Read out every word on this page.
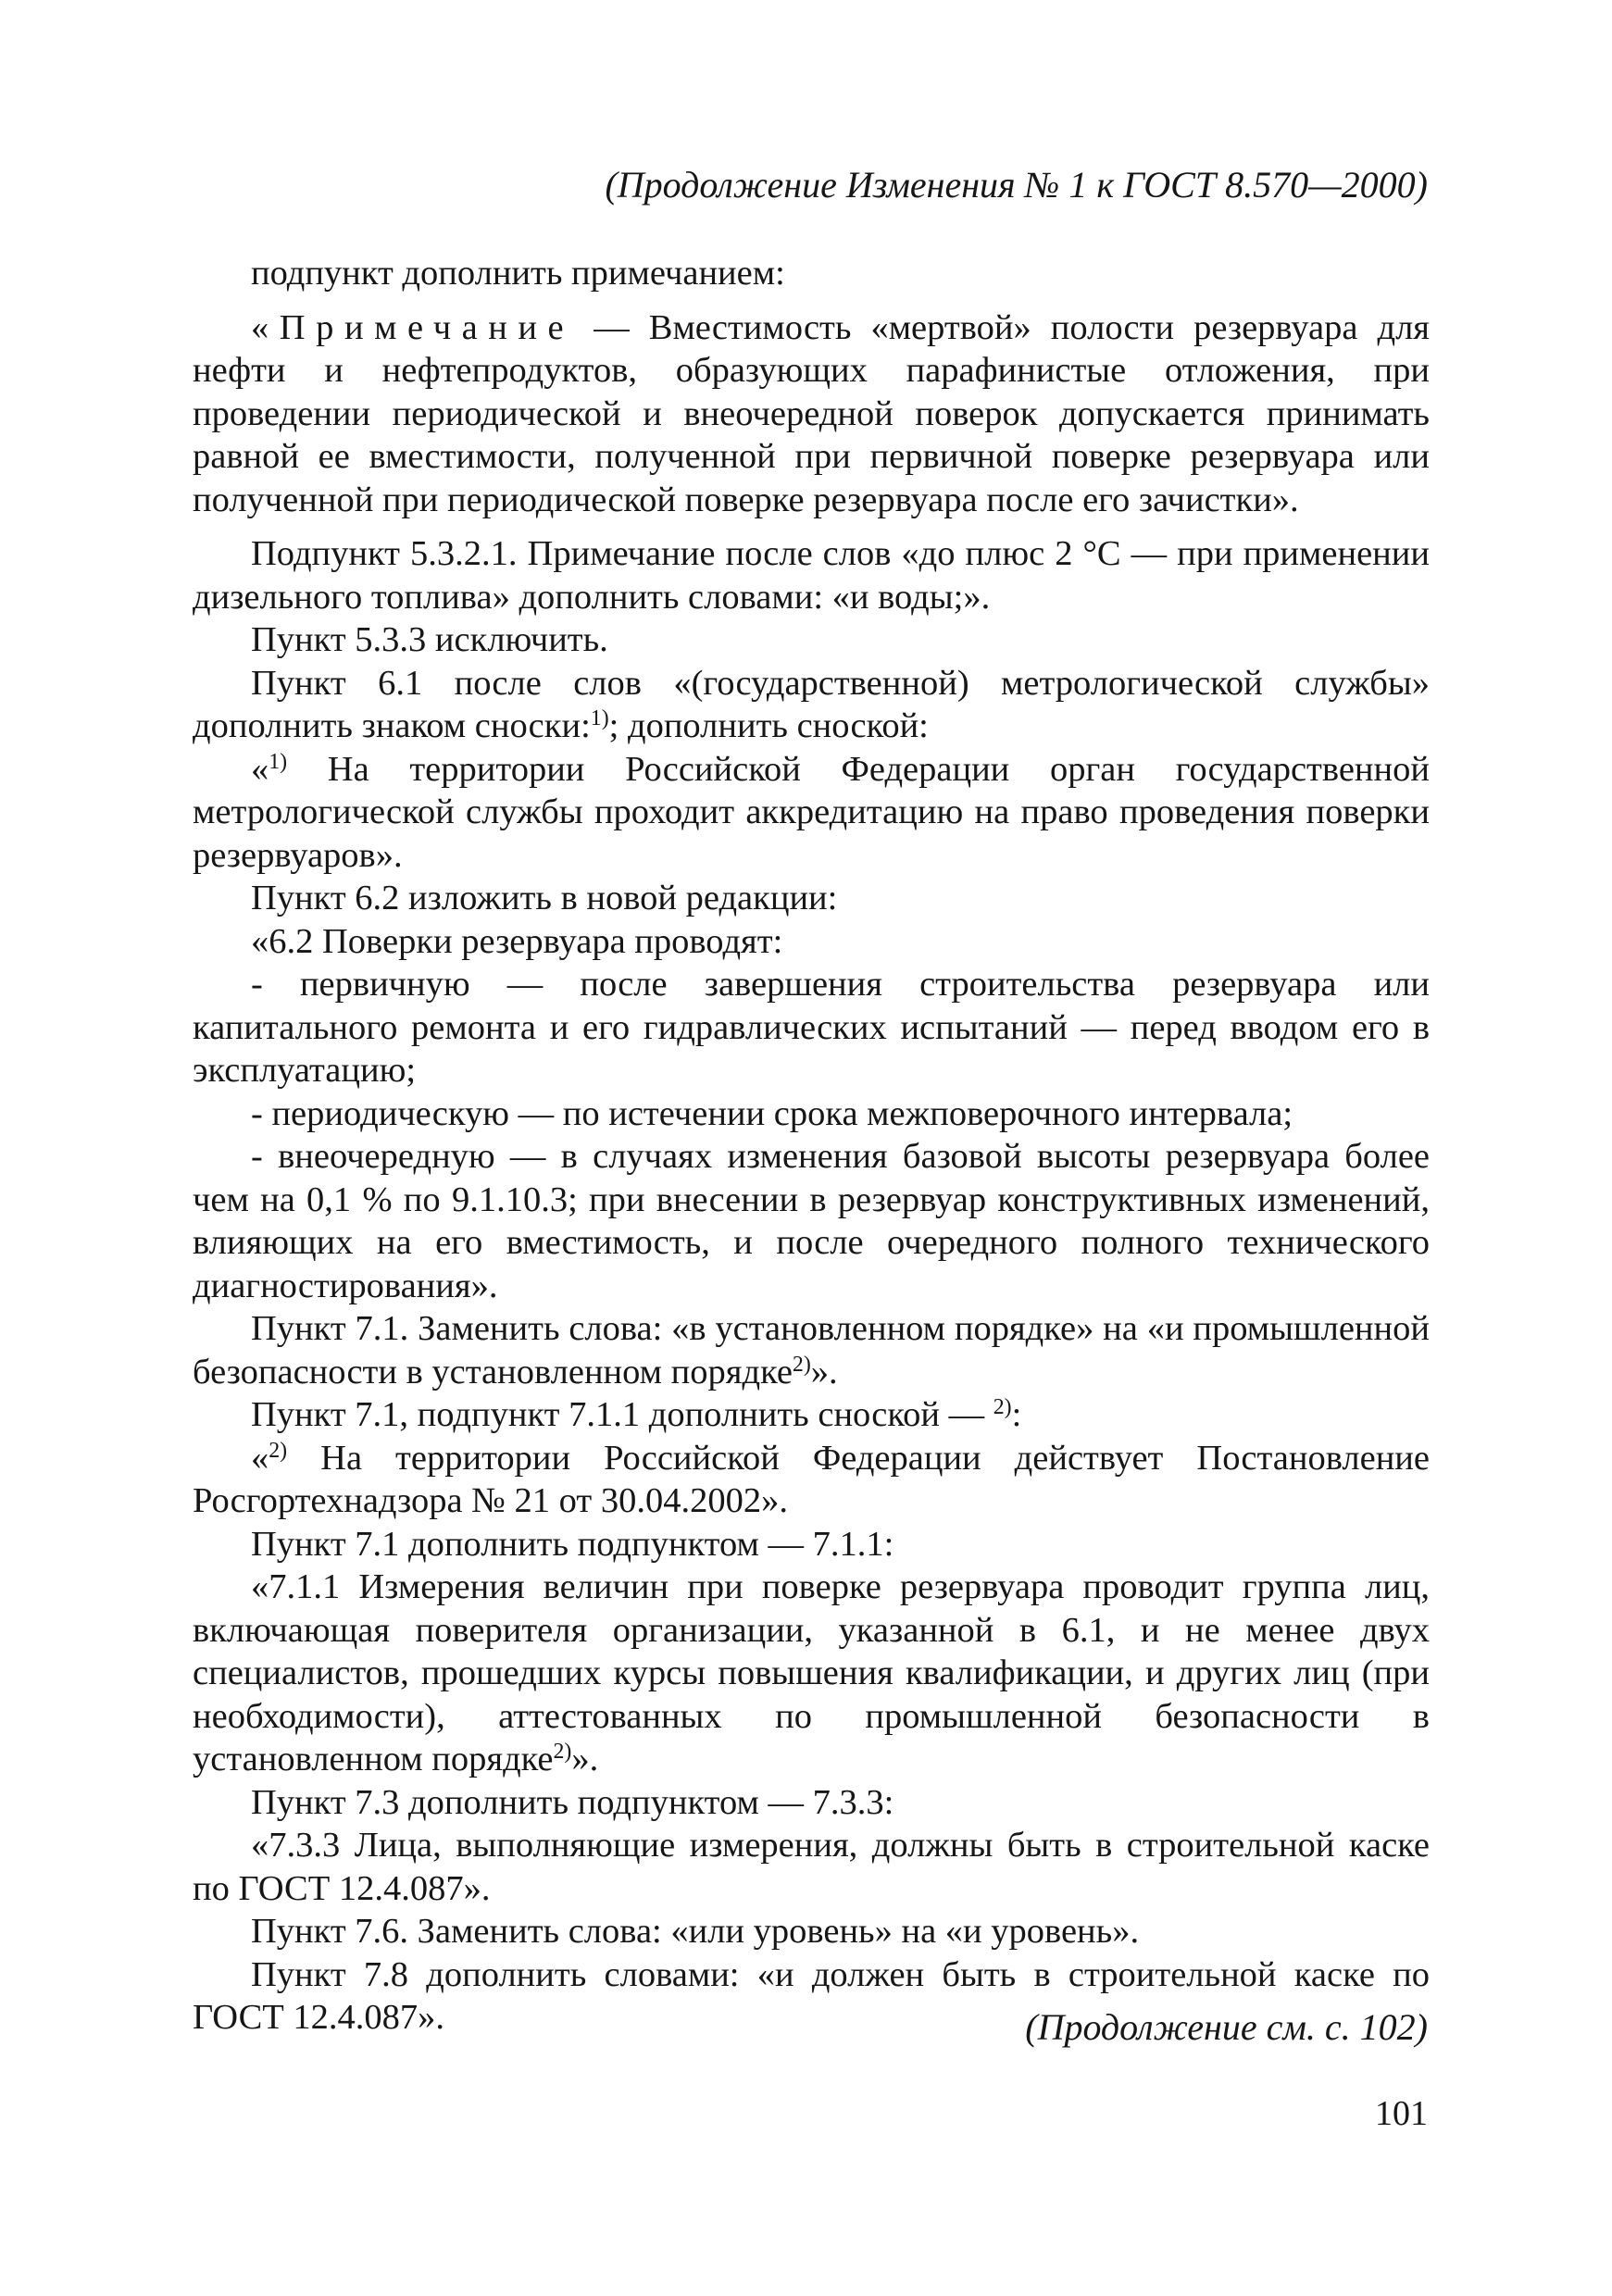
(Продолжение Изменения № 1 к ГОСТ 8.570—2000)

подпункт дополнить примечанием:

«Примечание — Вместимость «мертвой» полости резервуара для нефти и нефтепродуктов, образующих парафинистые отложения, при проведении периодической и внеочередной поверок допускается принимать равной ее вместимости, полученной при первичной поверке резервуара или полученной при периодической поверке резервуара после его зачистки».

Подпункт 5.3.2.1. Примечание после слов «до плюс 2 °С — при применении дизельного топлива» дополнить словами: «и воды;».

Пункт 5.3.3 исключить.

Пункт 6.1 после слов «(государственной) метрологической службы» дополнить знаком сноски:$^{1)}$; дополнить сноской:

«$^{1)}$ На территории Российской Федерации орган государственной метрологической службы проходит аккредитацию на право проведения поверки резервуаров».

Пункт 6.2 изложить в новой редакции:

«6.2 Поверки резервуара проводят:

- первичную — после завершения строительства резервуара или капитального ремонта и его гидравлических испытаний — перед вводом его в эксплуатацию;

- периодическую — по истечении срока межповерочного интервала;

- внеочередную — в случаях изменения базовой высоты резервуара более чем на 0,1 % по 9.1.10.3; при внесении в резервуар конструктивных изменений, влияющих на его вместимость, и после очередного полного технического диагностирования».

Пункт 7.1. Заменить слова: «в установленном порядке» на «и промышленной безопасности в установленном порядке$^{2)}$».

Пункт 7.1, подпункт 7.1.1 дополнить сноской — $^{2)}$:

«$^{2)}$ На территории Российской Федерации действует Постановление Росгортехнадзора № 21 от 30.04.2002».

Пункт 7.1 дополнить подпунктом — 7.1.1:

«7.1.1 Измерения величин при поверке резервуара проводит группа лиц, включающая поверителя организации, указанной в 6.1, и не менее двух специалистов, прошедших курсы повышения квалификации, и других лиц (при необходимости), аттестованных по промышленной безопасности в установленном порядке$^{2)}$».

Пункт 7.3 дополнить подпунктом — 7.3.3:

«7.3.3 Лица, выполняющие измерения, должны быть в строительной каске по ГОСТ 12.4.087».

Пункт 7.6. Заменить слова: «или уровень» на «и уровень».

Пункт 7.8 дополнить словами: «и должен быть в строительной каске по ГОСТ 12.4.087».	(Продолжение см. с. 102)
101
